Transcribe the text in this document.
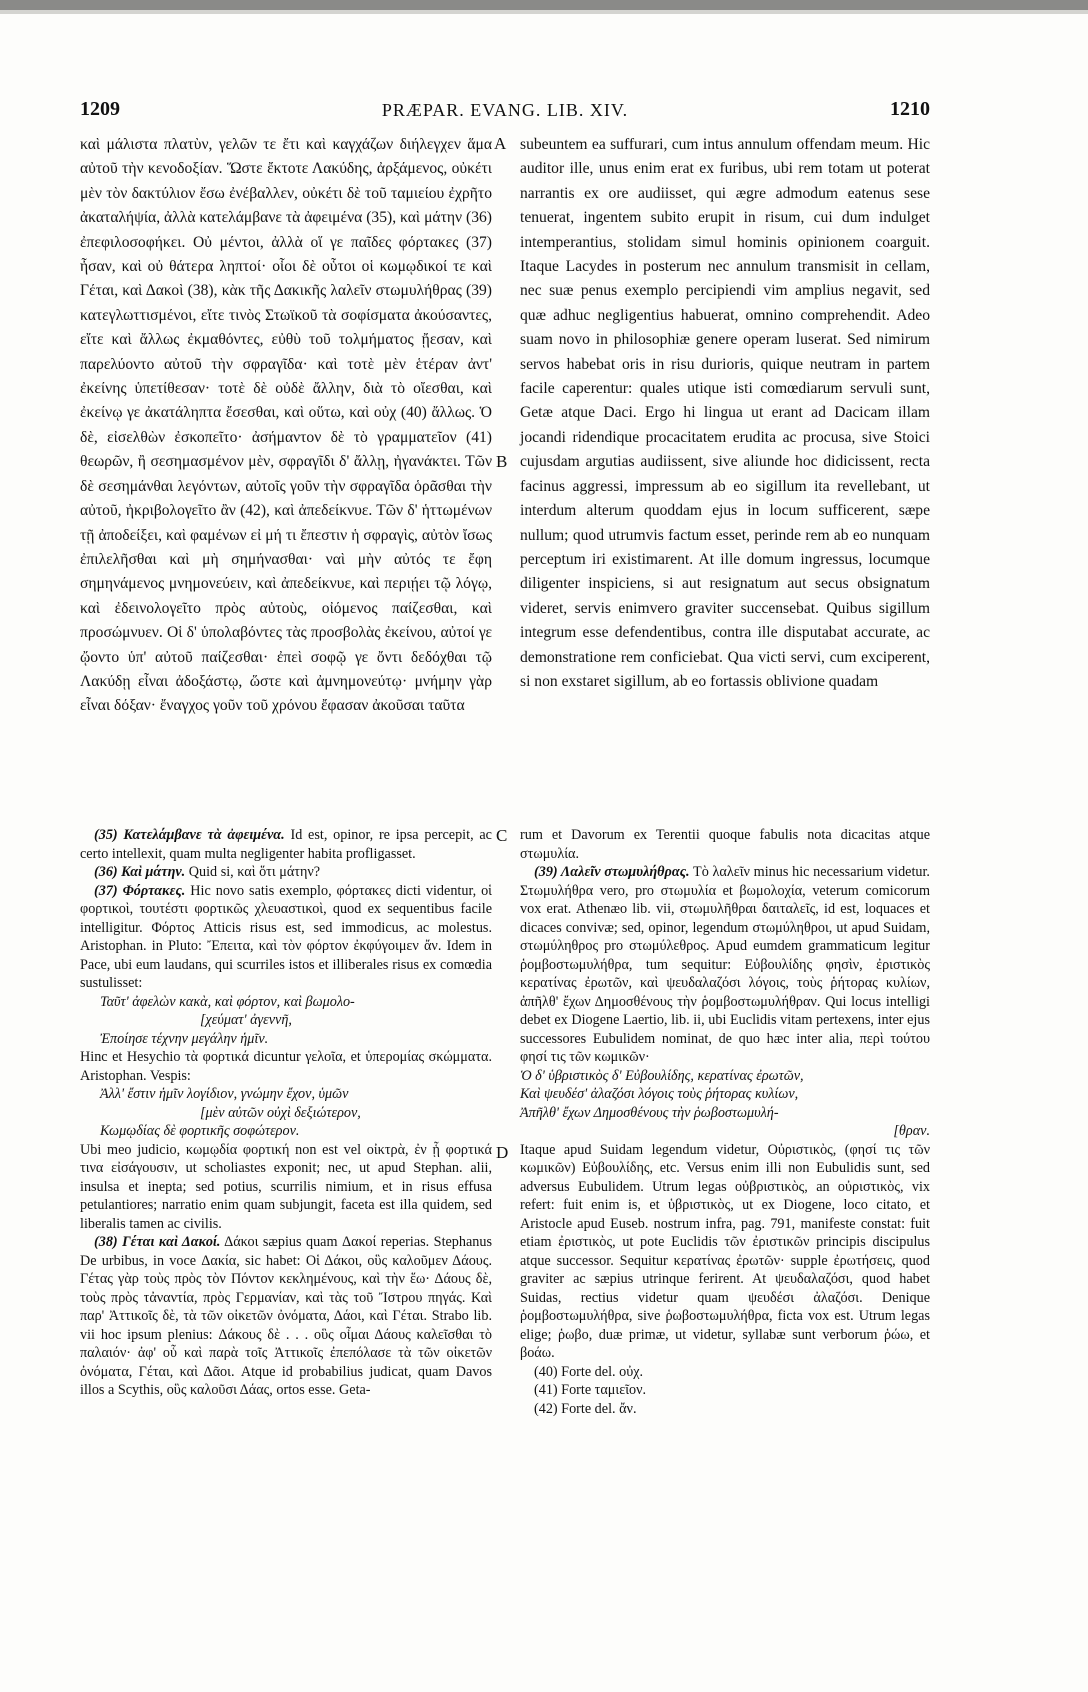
1209	PRÆPAR. EVANG. LIB. XIV.	1210
A
B
C
D

καὶ μάλιστα πλατὺν, γελῶν τε ἔτι καὶ καγχάζων διήλεγχεν ἅμα αὐτοῦ τὴν κενοδοξίαν. Ὥστε ἔκτοτε Λακύδης, ἀρξάμενος, οὐκέτι μὲν τὸν δακτύλιον ἔσω ἐνέβαλλεν, οὐκέτι δὲ τοῦ ταμιείου ἐχρῆτο ἀκαταλήψία, ἀλλὰ κατελάμβανε τὰ ἀφειμένα (35), καὶ μάτην (36) ἐπεφιλοσοφήκει. Οὐ μέντοι, ἀλλὰ οἵ γε παῖδες φόρτακες (37) ἦσαν, καὶ οὐ θάτερα ληπτοί· οἷοι δὲ οὗτοι οἱ κωμῳδικοί τε καὶ Γέται, καὶ Δακοὶ (38), κὰκ τῆς Δακικῆς λαλεῖν στωμυλήθρας (39) κατεγλωττισμένοι, εἴτε τινὸς Στωϊκοῦ τὰ σοφίσματα ἀκούσαντες, εἴτε καὶ ἄλλως ἐκμαθόντες, εὐθὺ τοῦ τολμήματος ᾔεσαν, καὶ παρελύοντο αὐτοῦ τὴν σφραγῖδα· καὶ τοτὲ μὲν ἑτέραν ἀντ' ἐκείνης ὑπετίθεσαν· τοτὲ δὲ οὐδὲ ἄλλην, διὰ τὸ οἴεσθαι, καὶ ἐκείνῳ γε ἀκατάληπτα ἔσεσθαι, καὶ οὕτω, καὶ οὐχ (40) ἄλλως. Ὁ δὲ, εἰσελθὼν ἐσκοπεῖτο· ἀσήμαντον δὲ τὸ γραμματεῖον (41) θεωρῶν, ἢ σεσημασμένον μὲν, σφραγῖδι δ' ἄλλῃ, ἠγανάκτει. Τῶν δὲ σεσημάνθαι λεγόντων, αὐτοῖς γοῦν τὴν σφραγῖδα ὁρᾶσθαι τὴν αὐτοῦ, ἠκριβολογεῖτο ἂν (42), καὶ ἀπεδείκνυε. Τῶν δ' ἡττωμένων τῇ ἀποδείξει, καὶ φαμένων εἰ μή τι ἔπεστιν ἡ σφραγὶς, αὐτὸν ἴσως ἐπιλελῆσθαι καὶ μὴ σημήνασθαι· ναὶ μὴν αὐτός τε ἔφη σημηνάμενος μνημονεύειν, καὶ ἀπεδείκνυε, καὶ περιῄει τῷ λόγῳ, καὶ ἐδεινολογεῖτο πρὸς αὐτοὺς, οἰόμενος παίζεσθαι, καὶ προσώμνυεν. Οἱ δ' ὑπολαβόντες τὰς προσβολὰς ἐκείνου, αὐτοί γε ᾤοντο ὑπ' αὐτοῦ παίζεσθαι· ἐπεὶ σοφῷ γε ὄντι δεδόχθαι τῷ Λακύδῃ εἶναι ἀδοξάστῳ, ὥστε καὶ ἀμνημονεύτῳ· μνήμην γὰρ εἶναι δόξαν· ἔναγχος γοῦν τοῦ χρόνου ἔφασαν ἀκοῦσαι ταῦτα

subeuntem ea suffurari, cum intus annulum offendam meum. Hic auditor ille, unus enim erat ex furibus, ubi rem totam ut poterat narrantis ex ore audiisset, qui ægre admodum eatenus sese tenuerat, ingentem subito erupit in risum, cui dum indulget intemperantius, stolidam simul hominis opinionem coarguit. Itaque Lacydes in posterum nec annulum transmisit in cellam, nec suæ penus exemplo percipiendi vim amplius negavit, sed quæ adhuc negligentius habuerat, omnino comprehendit. Adeo suam novo in philosophiæ genere operam luserat. Sed nimirum servos habebat oris in risu durioris, quique neutram in partem facile caperentur: quales utique isti comœdiarum servuli sunt, Getæ atque Daci. Ergo hi lingua ut erant ad Dacicam illam jocandi ridendique procacitatem erudita ac procusa, sive Stoici cujusdam argutias audiissent, sive aliunde hoc didicissent, recta facinus aggressi, impressum ab eo sigillum ita revellebant, ut interdum alterum quoddam ejus in locum sufficerent, sæpe nullum; quod utrumvis factum esset, perinde rem ab eo nunquam perceptum iri existimarent. At ille domum ingressus, locumque diligenter inspiciens, si aut resignatum aut secus obsignatum videret, servis enimvero graviter succensebat. Quibus sigillum integrum esse defendentibus, contra ille disputabat accurate, ac demonstratione rem conficiebat. Qua victi servi, cum exciperent, si non exstaret sigillum, ab eo fortassis oblivione quadam

(35) Κατελάμβανε τὰ ἀφειμένα. Id est, opinor, re ipsa percepit, ac certo intellexit, quam multa negligenter habita profligasset.

(36) Καὶ μάτην. Quid si, καὶ ὅτι μάτην?

(37) Φόρτακες. Hic novo satis exemplo, φόρτακες dicti videntur, οἱ φορτικοὶ, τουτέστι φορτικῶς χλευαστικοὶ, quod ex sequentibus facile intelligitur. Φόρτος Atticis risus est, sed immodicus, ac molestus. Aristophan. in Pluto: Ἔπειτα, καὶ τὸν φόρτον ἐκφύγοιμεν ἄν. Idem in Pace, ubi eum laudans, qui scurriles istos et illiberales risus ex comœdia sustulisset:

Ταῦτ' ἀφελὼν κακὰ, καὶ φόρτον, καὶ βωμολο-

[χεύματ' ἀγεννῆ,

Ἐποίησε τέχνην μεγάλην ἡμῖν.

Hinc et Hesychio τὰ φορτικά dicuntur γελοῖα, et ὑπερομίας σκώμματα. Aristophan. Vespis:

Ἀλλ' ἔστιν ἡμῖν λογίδιον, γνώμην ἔχον, ὑμῶν

[μὲν αὐτῶν οὐχὶ δεξιώτερον,

Κωμῳδίας δὲ φορτικῆς σοφώτερον.

Ubi meo judicio, κωμῳδία φορτική non est vel oἰκτρὰ, ἐν ᾗ φορτικά τινα εἰσάγουσιν, ut scholiastes exponit; nec, ut apud Stephan. alii, insulsa et inepta; sed potius, scurrilis nimium, et in risus effusa petulantiores; narratio enim quam subjungit, faceta est illa quidem, sed liberalis tamen ac civilis.

(38) Γέται καὶ Δακοί. Δάκοι sæpius quam Δακοί reperias. Stephanus De urbibus, in voce Δακία, sic habet: Οἱ Δάκοι, οὓς καλοῦμεν Δάους. Γέτας γὰρ τοὺς πρὸς τὸν Πόντον κεκλημένους, καὶ τὴν ἕω· Δάους δὲ, τοὺς πρὸς τἀναντία, πρὸς Γερμανίαν, καὶ τὰς τοῦ Ἴστρου πηγάς. Καὶ παρ' Ἀττικοῖς δὲ, τὰ τῶν οἰκετῶν ὀνόματα, Δάοι, καὶ Γέται. Strabo lib. vii hoc ipsum plenius: Δάκους δὲ . . . οὓς οἶμαι Δάους καλεῖσθαι τὸ παλαιόν· ἀφ' οὗ καὶ παρὰ τοῖς Ἀττικοῖς ἐπεπόλασε τὰ τῶν οἰκετῶν ὀνόματα, Γέται, καὶ Δᾶοι. Atque id probabilius judicat, quam Davos illos a Scythis, οὓς καλοῦσι Δάας, ortos esse. Geta-

rum et Davorum ex Terentii quoque fabulis nota dicacitas atque στωμυλία.

(39) Λαλεῖν στωμυλήθρας. Τὸ λαλεῖν minus hic necessarium videtur. Στωμυλήθρα vero, pro στωμυλία et βωμολοχία, veterum comicorum vox erat. Athenæo lib. vii, στωμυλῆθραι δαιταλεῖς, id est, loquaces et dicaces convivæ; sed, opinor, legendum στωμύληθροι, ut apud Suidam, στωμύληθρος pro στωμύλεθρος. Apud eumdem grammaticum legitur ῥομβοστωμυλήθρα, tum sequitur: Εὐβουλίδης φησὶν, ἐριστικὸς κερατίνας ἐρωτῶν, καὶ ψευδαλαζόσι λόγοις, τοὺς ῥήτορας κυλίων, ἀπῆλθ' ἔχων Δημοσθένους τὴν ῥομβοστωμυλήθραν. Qui locus intelligi debet ex Diogene Laertio, lib. ii, ubi Euclidis vitam pertexens, inter ejus successores Eubulidem nominat, de quo hæc inter alia, περὶ τούτου φησί τις τῶν κωμικῶν·

Ὁ δ' ὑβριστικὸς δ' Εὐβουλίδης, κερατίνας ἐρωτῶν,

Καὶ ψευδέσ' ἀλαζόσι λόγοις τοὺς ῥήτορας κυλίων,

Ἀπῆλθ' ἔχων Δημοσθένους τὴν ῥωβοστωμυλή-

[θραν.

Itaque apud Suidam legendum videtur, Οὐριστικὸς, (φησί τις τῶν κωμικῶν) Εὐβουλίδης, etc. Versus enim illi non Eubulidis sunt, sed adversus Eubulidem. Utrum legas οὐβριστικὸς, an οὐριστικὸς, vix refert: fuit enim is, et ὑβριστικὸς, ut ex Diogene, loco citato, et Aristocle apud Euseb. nostrum infra, pag. 791, manifeste constat: fuit etiam ἐριστικὸς, ut pote Euclidis τῶν ἐριστικῶν principis discipulus atque successor. Sequitur κερατίνας ἐρωτῶν· supple ἐρωτήσεις, quod graviter ac sæpius utrinque ferirent. At ψευδαλαζόσι, quod habet Suidas, rectius videtur quam ψευδέσι ἀλαζόσι. Denique ῥομβοστωμυλήθρα, sive ῥωβοστωμυλήθρα, ficta vox est. Utrum legas elige; ῥωβο, duæ primæ, ut videtur, syllabæ sunt verborum ῥώω, et βοάω.

(40) Forte del. οὐχ.

(41) Forte ταμιεῖον.

(42) Forte del. ἄν.
